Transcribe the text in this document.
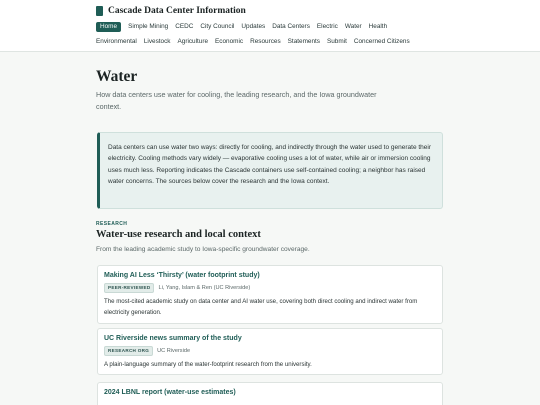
Cascade Data Center Information
Home	Simple Mining CEDC City Council Updates Data Centers Electric Water Health
Environmental Livestock Agriculture Economic Resources Statements Submit Concerned Citizens
Water

How data centers use water for cooling, the leading research, and the Iowa groundwater context.

Data centers can use water two ways: directly for cooling, and indirectly through the water used to generate their electricity. Cooling methods vary widely — evaporative cooling uses a lot of water, while air or immersion cooling uses much less. Reporting indicates the Cascade containers use self-contained cooling; a neighbor has raised water concerns. The sources below cover the research and the Iowa context.

RESEARCH
Water-use research and local context

From the leading academic study to Iowa-specific groundwater coverage.

Making AI Less ‘Thirsty’ (water footprint study)
PEER-REVIEWED	Li, Yang, Islam & Ren (UC Riverside)
The most-cited academic study on data center and AI water use, covering both direct cooling and indirect water from electricity generation.
UC Riverside news summary of the study
RESEARCH ORG	UC Riverside
A plain-language summary of the water-footprint research from the university.
2024 LBNL report (water-use estimates)
